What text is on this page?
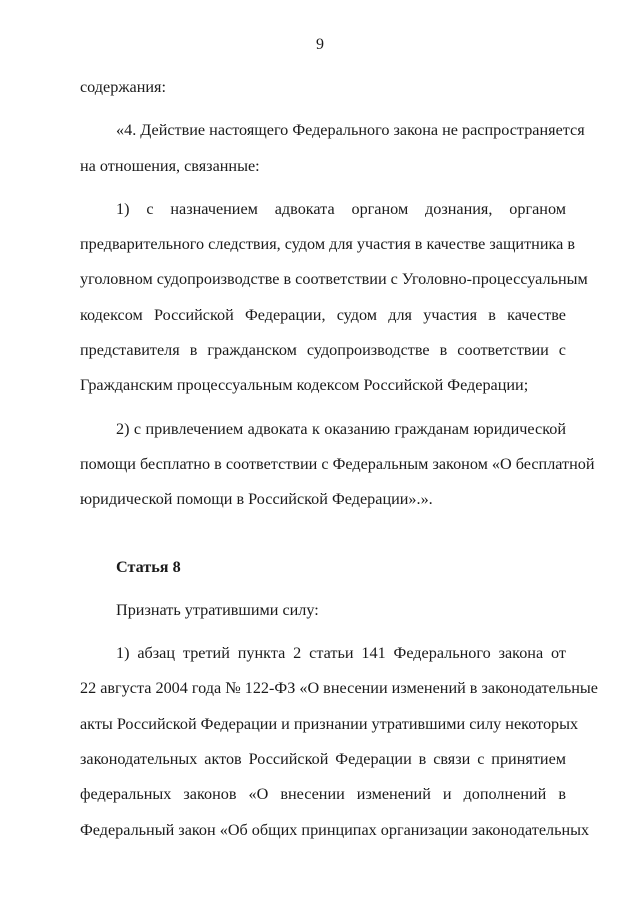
9

содержания:

«4. Действие настоящего Федерального закона не распространяется
на отношения, связанные:

1) с назначением адвоката органом дознания, органом
предварительного следствия, судом для участия в качестве защитника в
уголовном судопроизводстве в соответствии с Уголовно-процессуальным
кодексом Российской Федерации, судом для участия в качестве
представителя в гражданском судопроизводстве в соответствии с
Гражданским процессуальным кодексом Российской Федерации;

2) с привлечением адвоката к оказанию гражданам юридической
помощи бесплатно в соответствии с Федеральным законом «О бесплатной
юридической помощи в Российской Федерации».».

Статья 8

Признать утратившими силу:

1) абзац третий пункта 2 статьи 141 Федерального закона от
22 августа 2004 года № 122-ФЗ «О внесении изменений в законодательные
акты Российской Федерации и признании утратившими силу некоторых
законодательных актов Российской Федерации в связи с принятием
федеральных законов «О внесении изменений и дополнений в
Федеральный закон «Об общих принципах организации законодательных
